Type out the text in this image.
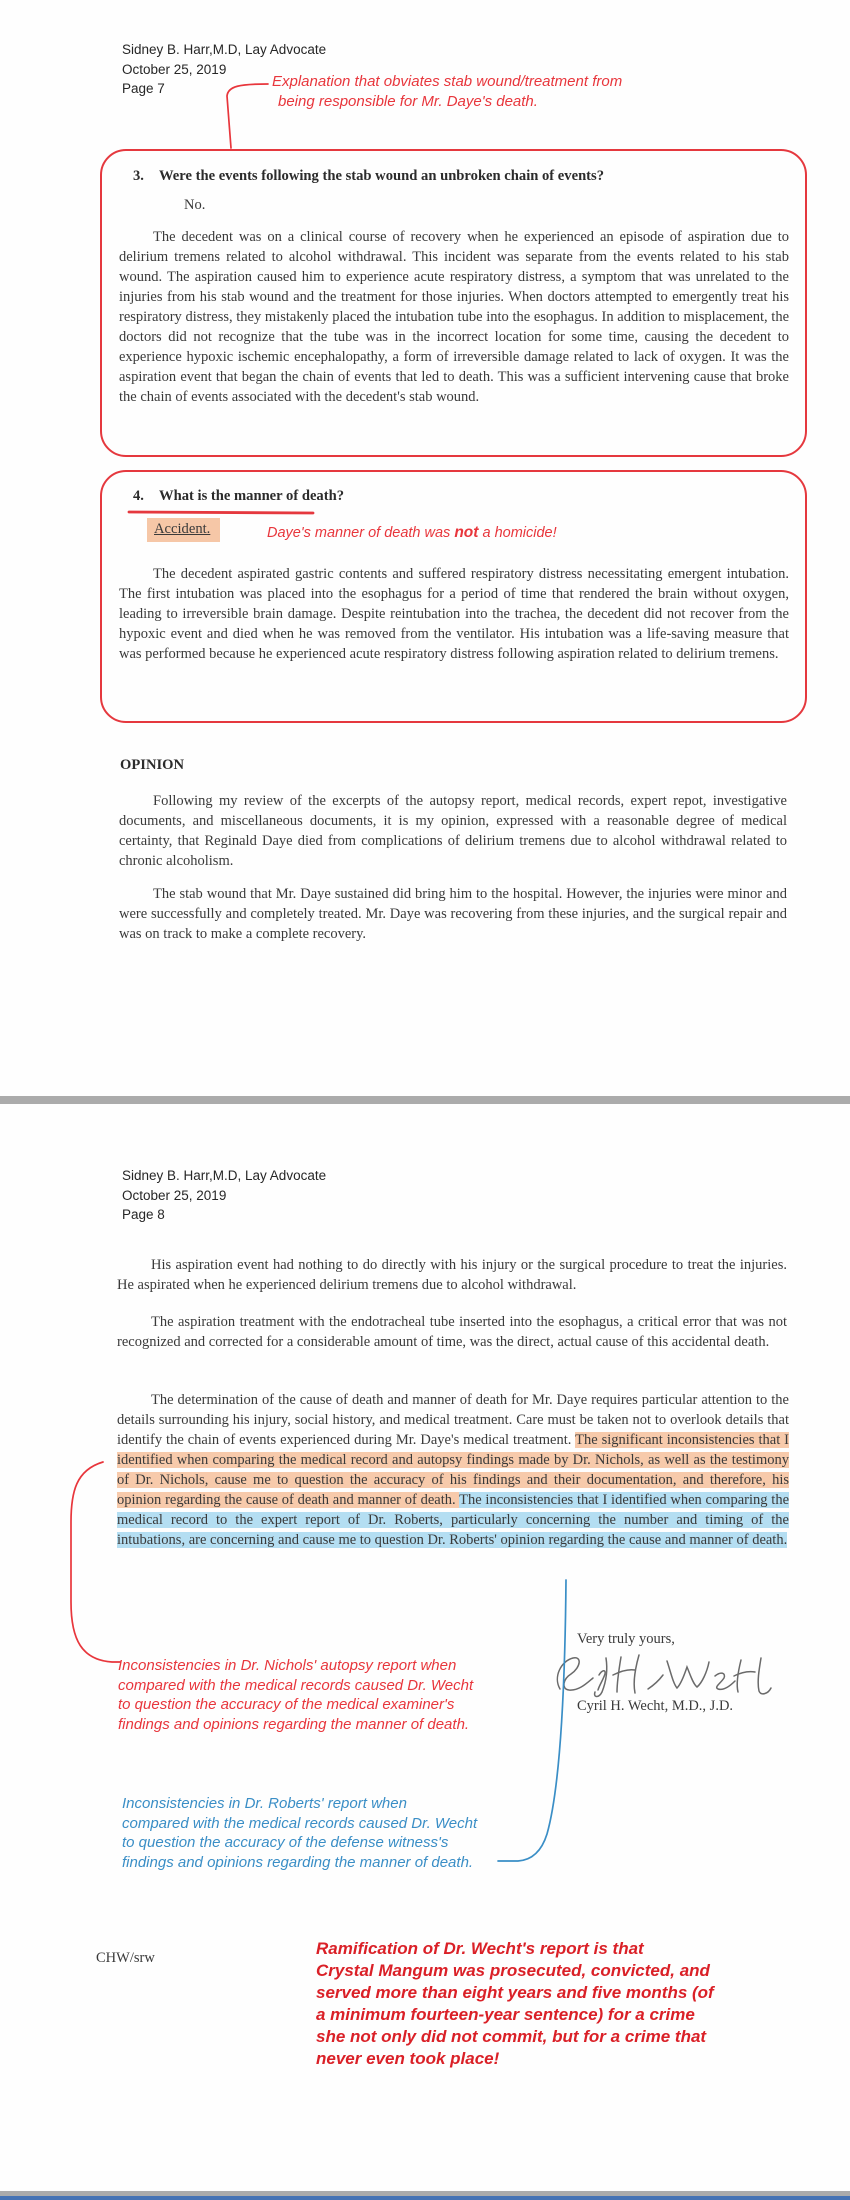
Sidney B. Harr,M.D, Lay Advocate
October 25, 2019
Page 7	Explanation that obviates stab wound/treatment from
being responsible for Mr. Daye's death.
3.	Were the events following the stab wound an unbroken chain of events?
No.
The decedent was on a clinical course of recovery when he experienced an episode of aspiration due to delirium tremens related to alcohol withdrawal. This incident was separate from the events related to his stab wound. The aspiration caused him to experience acute respiratory distress, a symptom that was unrelated to the injuries from his stab wound and the treatment for those injuries. When doctors attempted to emergently treat his respiratory distress, they mistakenly placed the intubation tube into the esophagus. In addition to misplacement, the doctors did not recognize that the tube was in the incorrect location for some time, causing the decedent to experience hypoxic ischemic encephalopathy, a form of irreversible damage related to lack of oxygen. It was the aspiration event that began the chain of events that led to death. This was a sufficient intervening cause that broke the chain of events associated with the decedent's stab wound.
4.	What is the manner of death?
Accident.	Daye's manner of death was not a homicide!
The decedent aspirated gastric contents and suffered respiratory distress necessitating emergent intubation. The first intubation was placed into the esophagus for a period of time that rendered the brain without oxygen, leading to irreversible brain damage. Despite reintubation into the trachea, the decedent did not recover from the hypoxic event and died when he was removed from the ventilator. His intubation was a life-saving measure that was performed because he experienced acute respiratory distress following aspiration related to delirium tremens.
OPINION
Following my review of the excerpts of the autopsy report, medical records, expert repot, investigative documents, and miscellaneous documents, it is my opinion, expressed with a reasonable degree of medical certainty, that Reginald Daye died from complications of delirium tremens due to alcohol withdrawal related to chronic alcoholism.
The stab wound that Mr. Daye sustained did bring him to the hospital. However, the injuries were minor and were successfully and completely treated. Mr. Daye was recovering from these injuries, and the surgical repair and was on track to make a complete recovery.
Sidney B. Harr,M.D, Lay Advocate
October 25, 2019
Page 8
His aspiration event had nothing to do directly with his injury or the surgical procedure to treat the injuries. He aspirated when he experienced delirium tremens due to alcohol withdrawal.
The aspiration treatment with the endotracheal tube inserted into the esophagus, a critical error that was not recognized and corrected for a considerable amount of time, was the direct, actual cause of this accidental death.
The determination of the cause of death and manner of death for Mr. Daye requires particular attention to the details surrounding his injury, social history, and medical treatment. Care must be taken not to overlook details that identify the chain of events experienced during Mr. Daye's medical treatment. The significant inconsistencies that I identified when comparing the medical record and autopsy findings made by Dr. Nichols, as well as the testimony of Dr. Nichols, cause me to question the accuracy of his findings and their documentation, and therefore, his opinion regarding the cause of death and manner of death. The inconsistencies that I identified when comparing the medical record to the expert report of Dr. Roberts, particularly concerning the number and timing of the intubations, are concerning and cause me to question Dr. Roberts' opinion regarding the cause and manner of death.
Very truly yours,
Cyril H. Wecht, M.D., J.D.
Inconsistencies in Dr. Nichols' autopsy report when
compared with the medical records caused Dr. Wecht
to question the accuracy of the medical examiner's
findings and opinions regarding the manner of death.
Inconsistencies in Dr. Roberts' report when
compared with the medical records caused Dr. Wecht
to question the accuracy of the defense witness's
findings and opinions regarding the manner of death.
CHW/srw	Ramification of Dr. Wecht's report is that
Crystal Mangum was prosecuted, convicted, and
served more than eight years and five months (of
a minimum fourteen-year sentence) for a crime
she not only did not commit, but for a crime that
never even took place!
